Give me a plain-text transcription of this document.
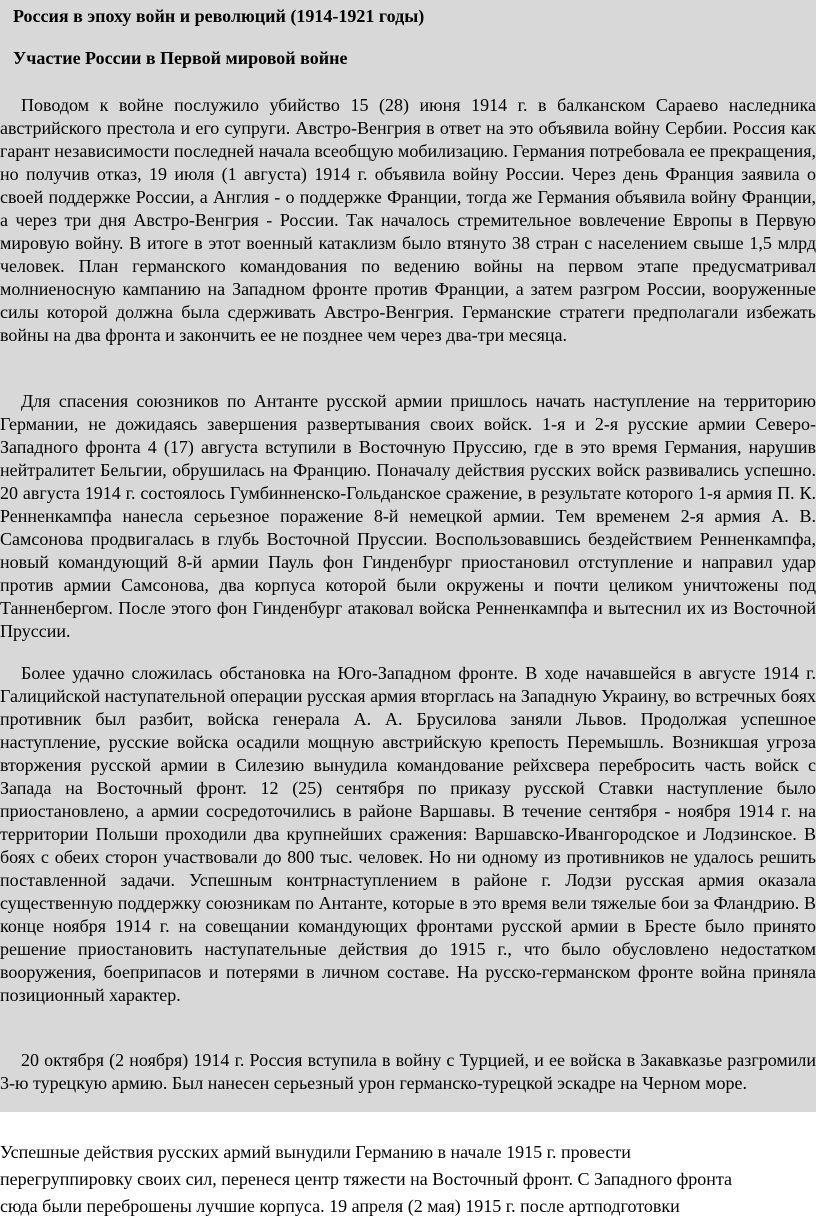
Россия в эпоху войн и революций (1914-1921 годы)
Участие России в Первой мировой войне

Поводом к войне послужило убийство 15 (28) июня 1914 г. в балканском Сараево наследника австрийского престола и его супруги. Австро-Венгрия в ответ на это объявила войну Сербии. Россия как гарант независимости последней начала всеобщую мобилизацию. Германия потребовала ее прекращения, но получив отказ, 19 июля (1 августа) 1914 г. объявила войну России. Через день Франция заявила о своей поддержке России, а Англия - о поддержке Франции, тогда же Германия объявила войну Франции, а через три дня Австро-Венгрия - России. Так началось стремительное вовлечение Европы в Первую мировую войну. В итоге в этот военный катаклизм было втянуто 38 стран с населением свыше 1,5 млрд человек. План германского командования по ведению войны на первом этапе предусматривал молниеносную кампанию на Западном фронте против Франции, а затем разгром России, вооруженные силы которой должна была сдерживать Австро-Венгрия. Германские стратеги предполагали избежать войны на два фронта и закончить ее не позднее чем через два-три месяца.

Для спасения союзников по Антанте русской армии пришлось начать наступление на территорию Германии, не дожидаясь завершения развертывания своих войск. 1-я и 2-я русские армии Северо-Западного фронта 4 (17) августа вступили в Восточную Пруссию, где в это время Германия, нарушив нейтралитет Бельгии, обрушилась на Францию. Поначалу действия русских войск развивались успешно. 20 августа 1914 г. состоялось Гумбинненско-Гольданское сражение, в результате которого 1-я армия П. К. Ренненкампфа нанесла серьезное поражение 8-й немецкой армии. Тем временем 2-я армия А. В. Самсонова продвигалась в глубь Восточной Пруссии. Воспользовавшись бездействием Ренненкампфа, новый командующий 8-й армии Пауль фон Гинденбург приостановил отступление и направил удар против армии Самсонова, два корпуса которой были окружены и почти целиком уничтожены под Танненбергом. После этого фон Гинденбург атаковал войска Ренненкампфа и вытеснил их из Восточной Пруссии.

Более удачно сложилась обстановка на Юго-Западном фронте. В ходе начавшейся в августе 1914 г. Галицийской наступательной операции русская армия вторглась на Западную Украину, во встречных боях противник был разбит, войска генерала А. А. Брусилова заняли Львов. Продолжая успешное наступление, русские войска осадили мощную австрийскую крепость Перемышль. Возникшая угроза вторжения русской армии в Силезию вынудила командование рейхсвера перебросить часть войск с Запада на Восточный фронт. 12 (25) сентября по приказу русской Ставки наступление было приостановлено, а армии сосредоточились в районе Варшавы. В течение сентября - ноября 1914 г. на территории Польши проходили два крупнейших сражения: Варшавско-Ивангородское и Лодзинское. В боях с обеих сторон участвовали до 800 тыс. человек. Но ни одному из противников не удалось решить поставленной задачи. Успешным контрнаступлением в районе г. Лодзи русская армия оказала существенную поддержку союзникам по Антанте, которые в это время вели тяжелые бои за Фландрию. В конце ноября 1914 г. на совещании командующих фронтами русской армии в Бресте было принято решение приостановить наступательные действия до 1915 г., что было обусловлено недостатком вооружения, боеприпасов и потерями в личном составе. На русско-германском фронте война приняла позиционный характер.

20 октября (2 ноября) 1914 г. Россия вступила в войну с Турцией, и ее войска в Закавказье разгромили 3-ю турецкую армию. Был нанесен серьезный урон германско-турецкой эскадре на Черном море.

Успешные действия русских армий вынудили Германию в начале 1915 г. провести
перегруппировку своих сил, перенеся центр тяжести на Восточный фронт. С Западного фронта
сюда были переброшены лучшие корпуса. 19 апреля (2 мая) 1915 г. после артподготовки
